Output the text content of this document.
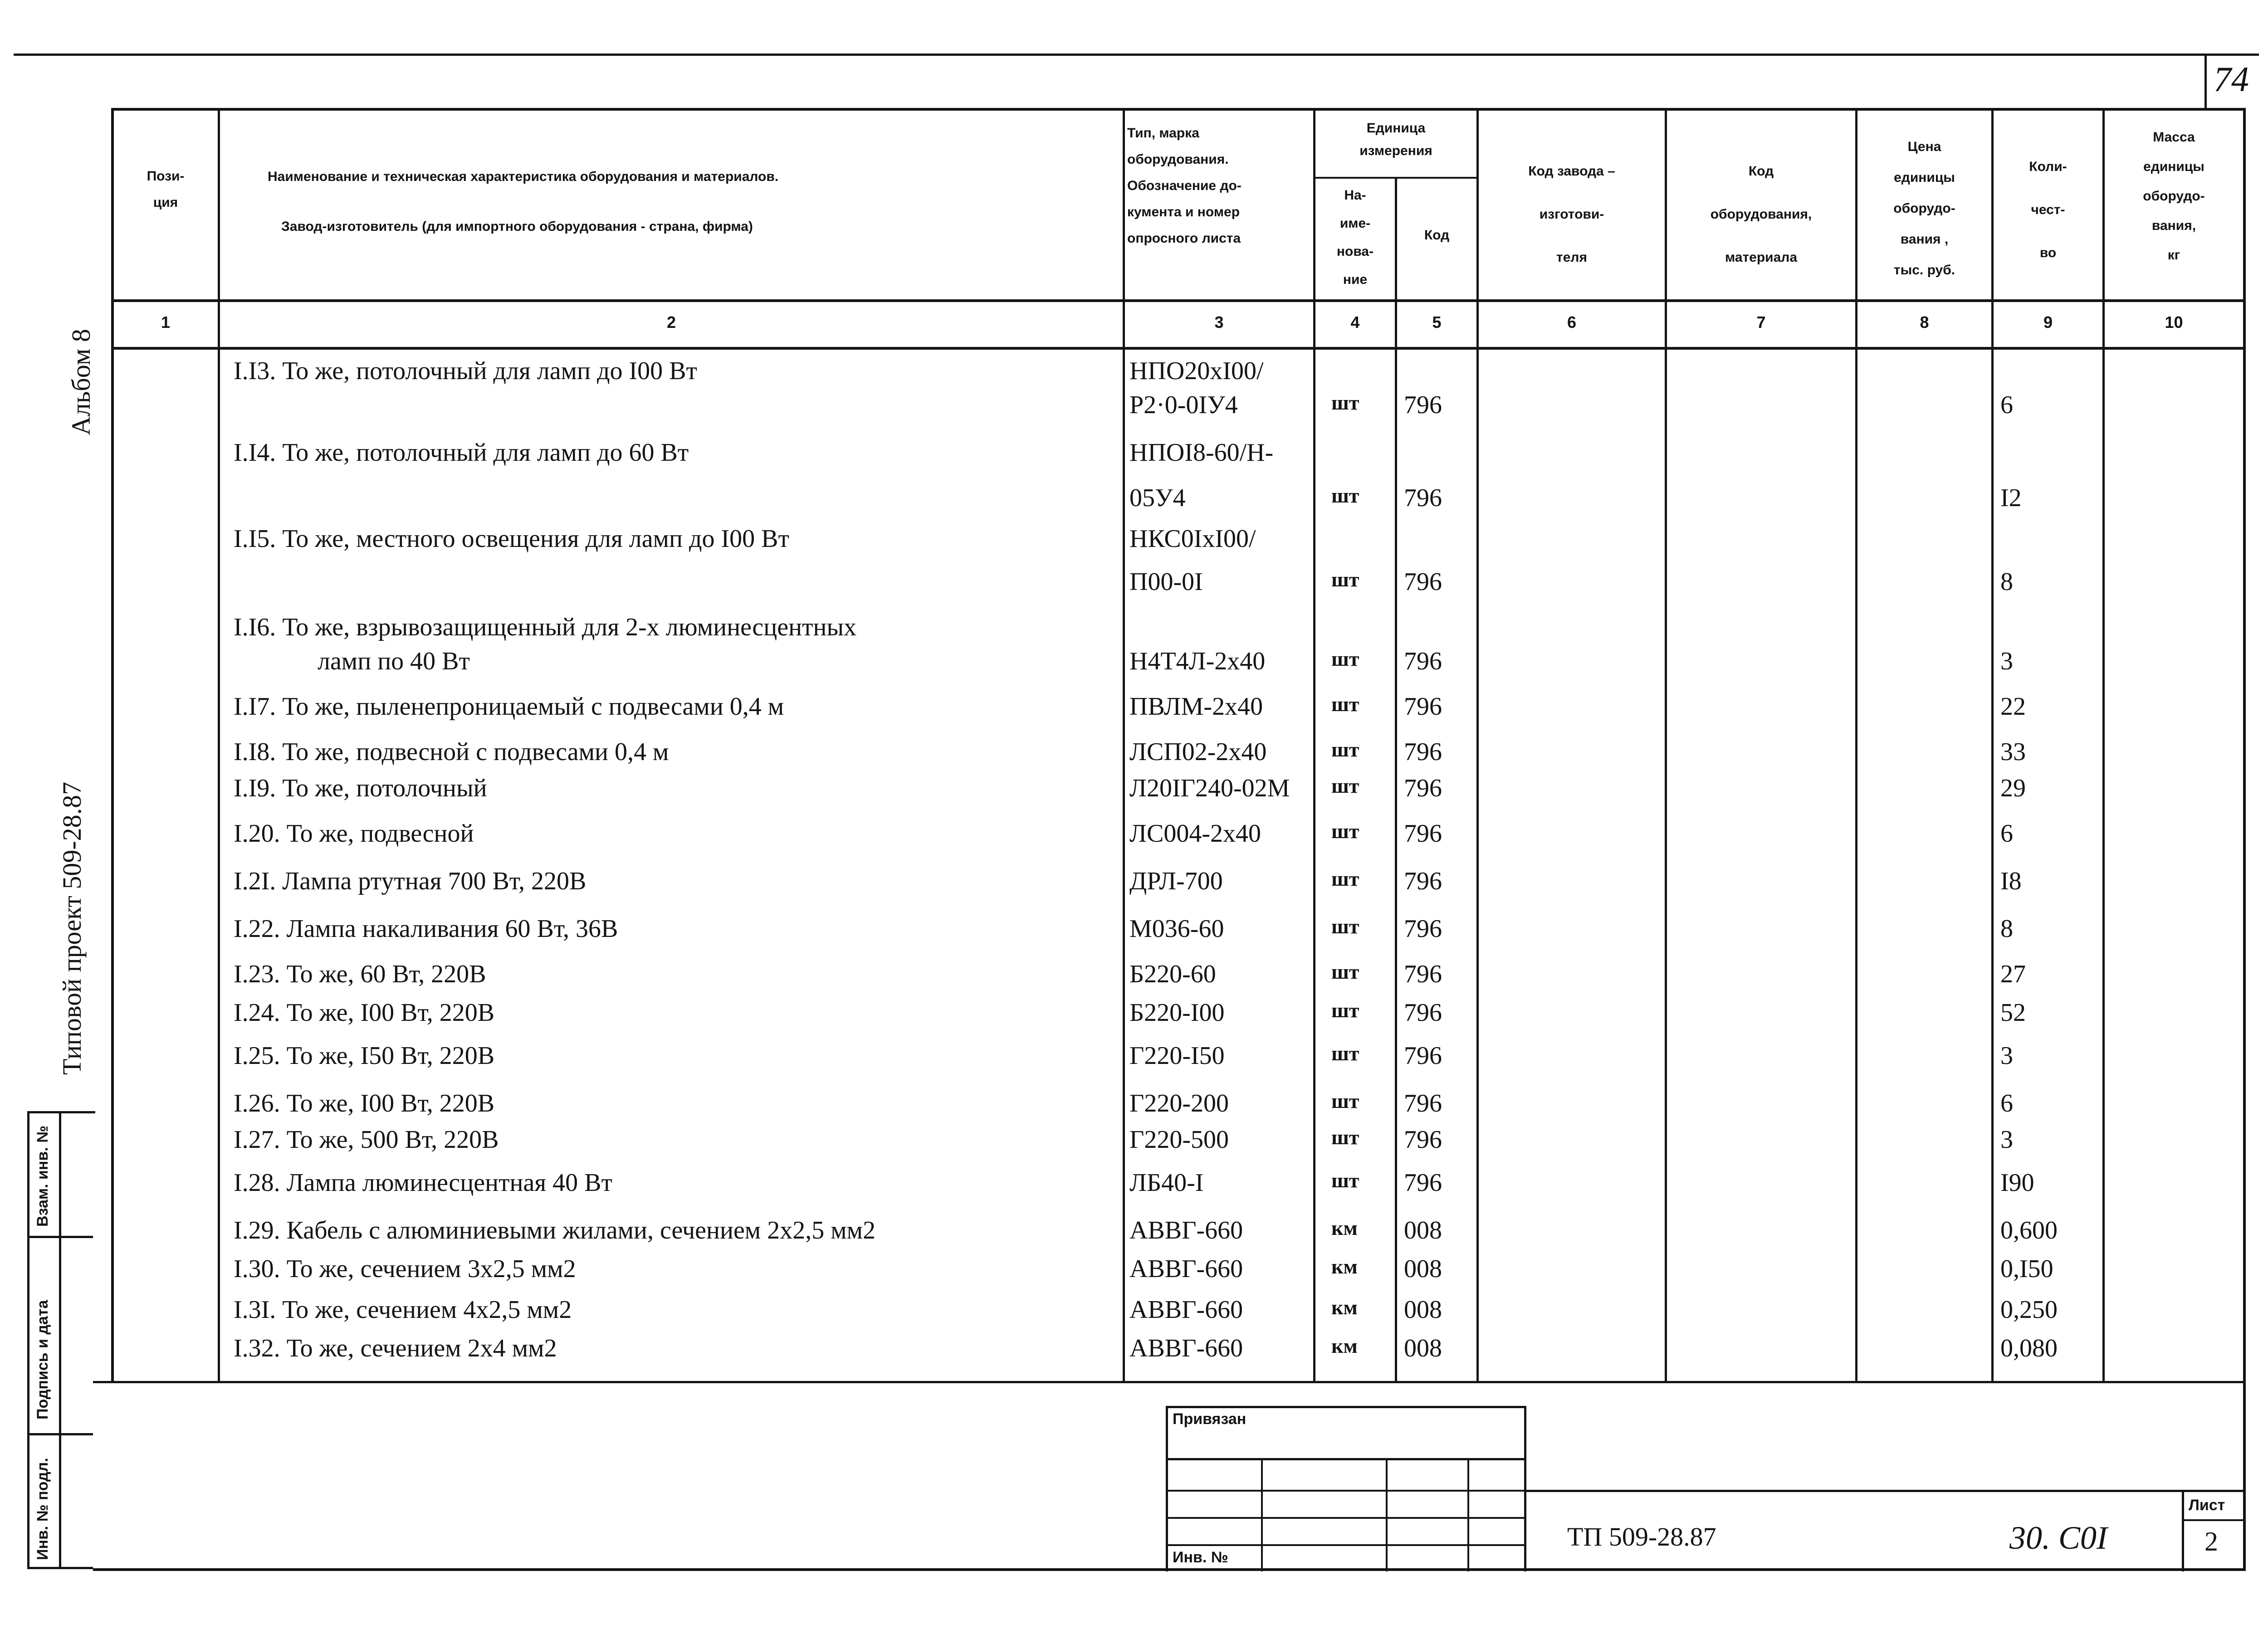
74
Альбом 8
Типовой проект 509-28.87
Взам. инв. №
Подпись и дата
Инв. № подл.
Пози-
ция
Наименование и техническая характеристика оборудования и материалов.
Завод-изготовитель (для импортного оборудования - страна, фирма)
Тип, марка
оборудования.
Обозначение до-
кумента и номер
опросного листа
Единица
измерения
На-
име-
нова-
ние
Код
Код завода –
изготови-
теля
Код
оборудования,
материала
Цена
единицы
оборудо-
вания ,
тыс. руб.
Коли-
чест-
во
Масса
единицы
оборудо-
вания,
кг
1	2	3	4	5	6	7	8	9	10
I.I3. То же, потолочный для ламп до I00 Вт	НПО20хI00/
Р2·0-0IУ4	шт 796	6
I.I4. То же, потолочный для ламп до 60 Вт	НПОI8-60/Н-
05У4	шт 796	I2
I.I5. То же, местного освещения для ламп до I00 Вт	НКС0IхI00/
П00-0I	шт 796	8
I.I6. То же, взрывозащищенный для 2-х люминесцентных
ламп по 40 Вт	Н4Т4Л-2х40	шт 796	3
I.I7. То же, пыленепроницаемый с подвесами 0,4 м	ПВЛМ-2х40	шт 796	22
I.I8. То же, подвесной с подвесами 0,4 м	ЛСП02-2х40	шт 796	33
I.I9. То же, потолочный	Л20IГ240-02М шт 796	29
I.20. То же, подвесной	ЛС004-2х40	шт 796	6
I.2I. Лампа ртутная 700 Вт, 220В	ДРЛ-700	шт 796	I8
I.22. Лампа накаливания 60 Вт, 36В	М036-60	шт 796	8
I.23. То же, 60 Вт, 220В	Б220-60	шт 796	27
I.24. То же, I00 Вт, 220В	Б220-I00	шт 796	52
I.25. То же, I50 Вт, 220В	Г220-I50	шт 796	3
I.26. То же, I00 Вт, 220В	Г220-200	шт 796	6
I.27. То же, 500 Вт, 220В	Г220-500	шт 796	3
I.28. Лампа люминесцентная 40 Вт	ЛБ40-I	шт 796	I90
I.29. Кабель с алюминиевыми жилами, сечением 2х2,5 мм2	АВВГ-660	км 008	0,600
I.30. То же, сечением 3х2,5 мм2	АВВГ-660	км 008	0,I50
I.3I. То же, сечением 4х2,5 мм2	АВВГ-660	км 008	0,250
I.32. То же, сечением 2х4 мм2	АВВГ-660	км 008	0,080
Привязан
Инв. №
ТП 509-28.87	30. С0I
Лист
2
